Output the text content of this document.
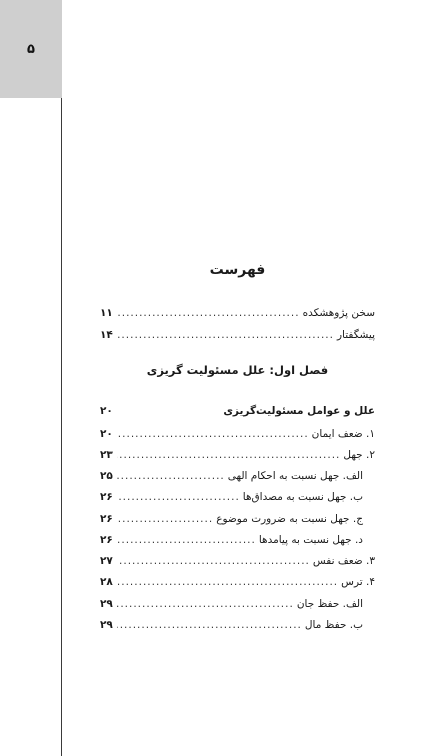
۵
فهرست
سخن پژوهشکده
.....
۱۱
پیشگفتار
.....
۱۴
فصل اول: علل مسئولیت گریزی
علل و عوامل مسئولیت‌گریزی
۲۰
۱. ضعف ایمان
.....
۲۰
۲. جهل
.....
۲۳
الف. جهل نسبت به احکام الهی
.....
۲۵
ب. جهل نسبت به مصداق‌ها
.....
۲۶
ج. جهل نسبت به ضرورت موضوع
.....
۲۶
د. جهل نسبت به پیامدها
.....
۲۶
۳. ضعف نفس
.....
۲۷
۴. ترس
.....
۲۸
الف. حفظ جان
.....
۲۹
ب. حفظ مال
.....
۲۹
